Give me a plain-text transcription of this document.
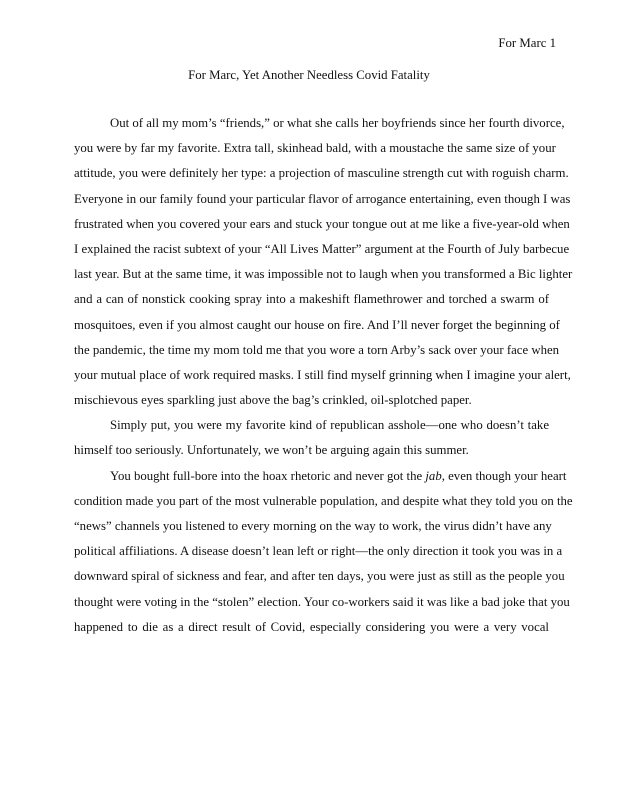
For Marc 1
For Marc, Yet Another Needless Covid Fatality
Out of all my mom’s “friends,” or what she calls her boyfriends since her fourth divorce,
you were by far my favorite. Extra tall, skinhead bald, with a moustache the same size of your
attitude, you were definitely her type: a projection of masculine strength cut with roguish charm.
Everyone in our family found your particular flavor of arrogance entertaining, even though I was
frustrated when you covered your ears and stuck your tongue out at me like a five-year-old when
I explained the racist subtext of your “All Lives Matter” argument at the Fourth of July barbecue
last year. But at the same time, it was impossible not to laugh when you transformed a Bic lighter
and a can of nonstick cooking spray into a makeshift flamethrower and torched a swarm of
mosquitoes, even if you almost caught our house on fire. And I’ll never forget the beginning of
the pandemic, the time my mom told me that you wore a torn Arby’s sack over your face when
your mutual place of work required masks. I still find myself grinning when I imagine your alert,
mischievous eyes sparkling just above the bag’s crinkled, oil-splotched paper.
Simply put, you were my favorite kind of republican asshole—one who doesn’t take
himself too seriously. Unfortunately, we won’t be arguing again this summer.
You bought full-bore into the hoax rhetoric and never got the jab, even though your heart
condition made you part of the most vulnerable population, and despite what they told you on the
“news” channels you listened to every morning on the way to work, the virus didn’t have any
political affiliations. A disease doesn’t lean left or right—the only direction it took you was in a
downward spiral of sickness and fear, and after ten days, you were just as still as the people you
thought were voting in the “stolen” election. Your co-workers said it was like a bad joke that you
happened to die as a direct result of Covid, especially considering you were a very vocal
